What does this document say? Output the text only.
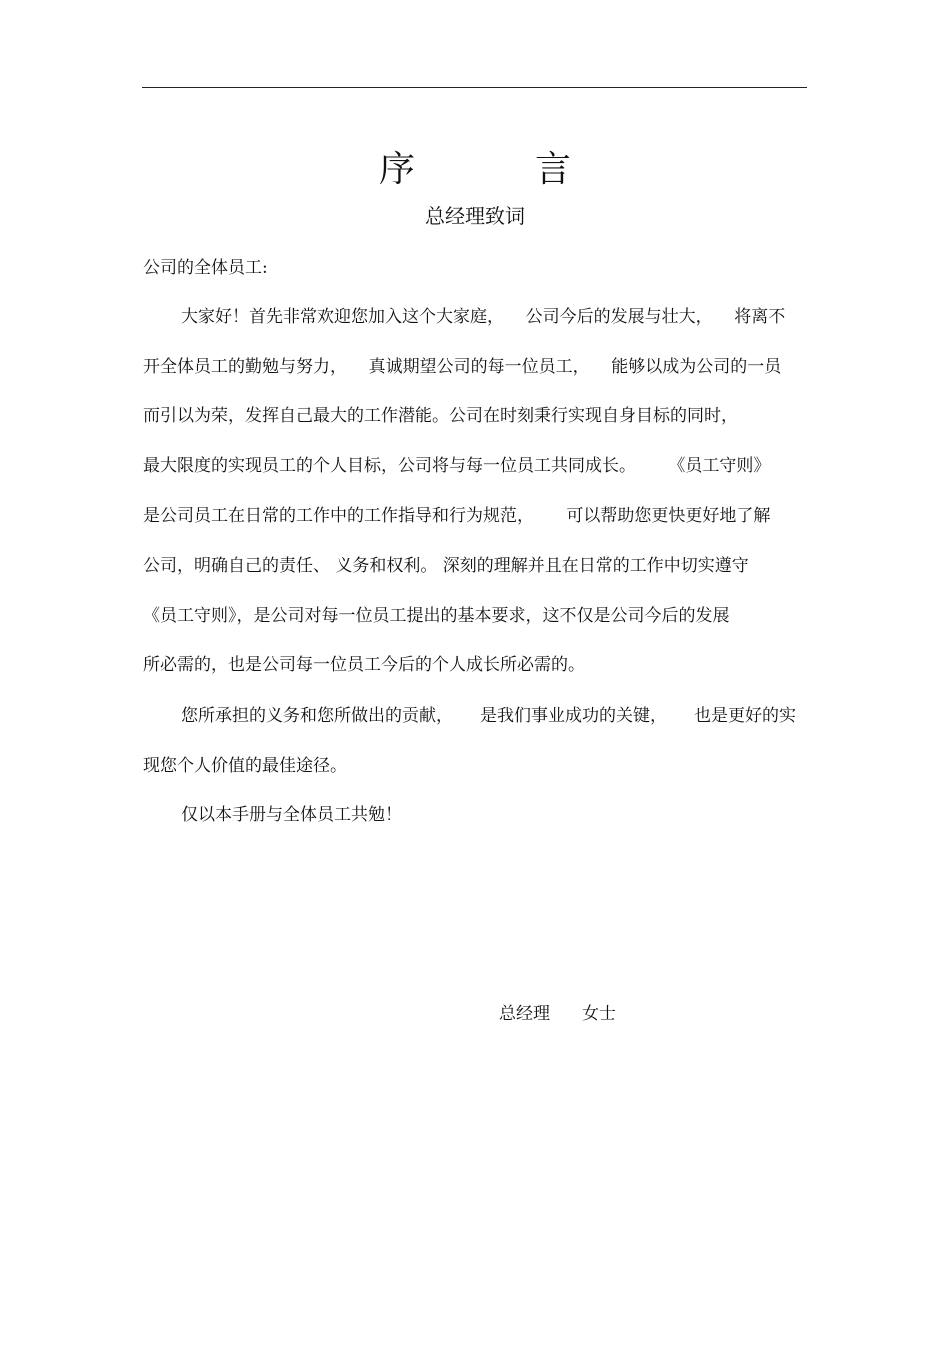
序	言
总经理致词
公司的全体员工:
大家好！首先非常欢迎您加入这个大家庭，    公司今后的发展与壮大，    将离不
开全体员工的勤勉与努力，    真诚期望公司的每一位员工，    能够以成为公司的一员
而引以为荣，发挥自己最大的工作潜能。公司在时刻秉行实现自身目标的同时，
最大限度的实现员工的个人目标，公司将与每一位员工共同成长。      《员工守则》
是公司员工在日常的工作中的工作指导和行为规范，      可以帮助您更快更好地了解
公司，明确自己的责任、 义务和权利。 深刻的理解并且在日常的工作中切实遵守
《员工守则》，是公司对每一位员工提出的基本要求，这不仅是公司今后的发展
所必需的，也是公司每一位员工今后的个人成长所必需的。
您所承担的义务和您所做出的贡献，     是我们事业成功的关键，     也是更好的实
现您个人价值的最佳途径。
仅以本手册与全体员工共勉！
总经理 女士
